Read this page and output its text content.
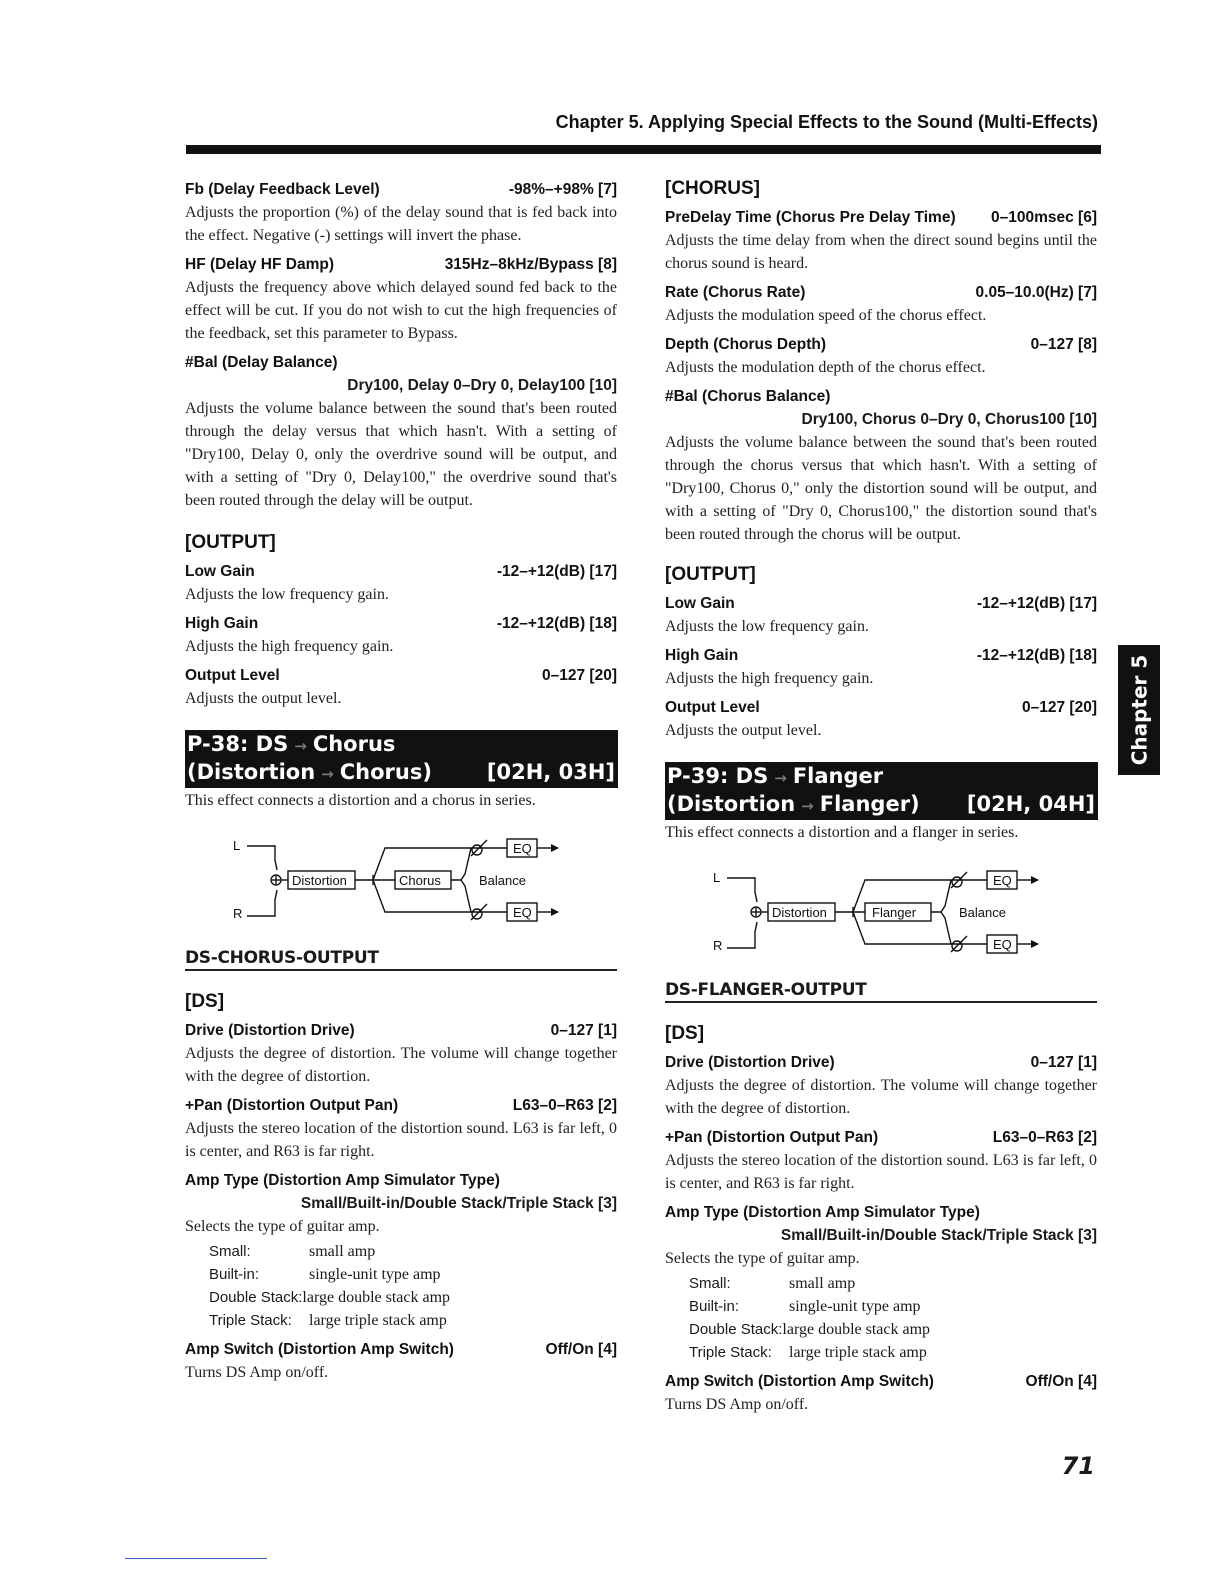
Chapter 5. Applying Special Effects to the Sound (Multi-Effects)
Fb (Delay Feedback Level)	-98%–+98% [7]
Adjusts the proportion (%) of the delay sound that is fed back into the effect. Negative (-) settings will invert the phase.
HF (Delay HF Damp)	315Hz–8kHz/Bypass [8]
Adjusts the frequency above which delayed sound fed back to the effect will be cut. If you do not wish to cut the high frequencies of the feedback, set this parameter to Bypass.
#Bal (Delay Balance)
Dry100, Delay 0–Dry 0, Delay100 [10]
Adjusts the volume balance between the sound that's been routed through the delay versus that which hasn't. With a setting of "Dry100, Delay 0, only the overdrive sound will be output, and with a setting of "Dry 0, Delay100," the overdrive sound that's been routed through the delay will be output.
[OUTPUT]
Low Gain	-12–+12(dB) [17]
Adjusts the low frequency gain.
High Gain	-12–+12(dB) [18]
Adjusts the high frequency gain.
Output Level	0–127 [20]
Adjusts the output level.
P-38: DS → Chorus
(Distortion → Chorus)	[02H, 03H]
This effect connects a distortion and a chorus in series.
L
R
Distortion	Chorus	Balance
EQ
EQ
DS-CHORUS-OUTPUT
[DS]
Drive (Distortion Drive)	0–127 [1]
Adjusts the degree of distortion. The volume will change together with the degree of distortion.
+Pan (Distortion Output Pan)	L63–0–R63 [2]
Adjusts the stereo location of the distortion sound. L63 is far left, 0 is center, and R63 is far right.
Amp Type (Distortion Amp Simulator Type)
Small/Built-in/Double Stack/Triple Stack [3]
Selects the type of guitar amp.
Small:	small amp
Built-in:	single-unit type amp
Double Stack: large double stack amp
Triple Stack:	large triple stack amp
Amp Switch (Distortion Amp Switch)	Off/On [4]
Turns DS Amp on/off.
[CHORUS]
PreDelay Time (Chorus Pre Delay Time) 0–100msec [6]
Adjusts the time delay from when the direct sound begins until the chorus sound is heard.
Rate (Chorus Rate)	0.05–10.0(Hz) [7]
Adjusts the modulation speed of the chorus effect.
Depth (Chorus Depth)	0–127 [8]
Adjusts the modulation depth of the chorus effect.
#Bal (Chorus Balance)
Dry100, Chorus 0–Dry 0, Chorus100 [10]
Adjusts the volume balance between the sound that's been routed through the chorus versus that which hasn't. With a setting of "Dry100, Chorus 0," only the distortion sound will be output, and with a setting of "Dry 0, Chorus100," the distortion sound that's been routed through the chorus will be output.
[OUTPUT]
Low Gain	-12–+12(dB) [17]
Adjusts the low frequency gain.
High Gain	-12–+12(dB) [18]
Adjusts the high frequency gain.
Output Level	0–127 [20]
Adjusts the output level.
P-39: DS → Flanger
(Distortion → Flanger) [02H, 04H]
This effect connects a distortion and a flanger in series.
L
R
Distortion	Flanger	Balance
EQ
EQ
DS-FLANGER-OUTPUT
[DS]
Drive (Distortion Drive)	0–127 [1]
Adjusts the degree of distortion. The volume will change together with the degree of distortion.
+Pan (Distortion Output Pan)	L63–0–R63 [2]
Adjusts the stereo location of the distortion sound. L63 is far left, 0 is center, and R63 is far right.
Amp Type (Distortion Amp Simulator Type)
Small/Built-in/Double Stack/Triple Stack [3]
Selects the type of guitar amp.
Small:	small amp
Built-in:	single-unit type amp
Double Stack: large double stack amp
Triple Stack:	large triple stack amp
Amp Switch (Distortion Amp Switch)	Off/On [4]
Turns DS Amp on/off.
Chapter 5
71
